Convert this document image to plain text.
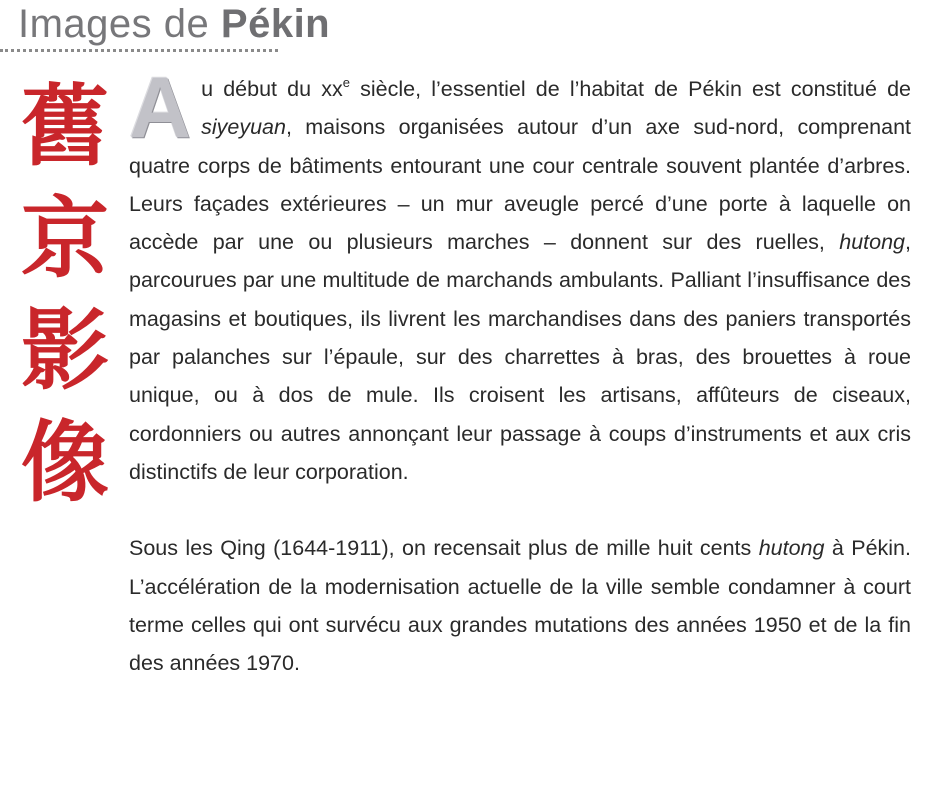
Images de Pékin
舊
京
影
像

Au début du $xx^e$ siècle, l’essentiel de l’habitat de Pékin est constitué de siyeyuan, maisons organisées autour d’un axe sud-nord, comprenant quatre corps de bâtiments entourant une cour centrale souvent plantée d’arbres. Leurs façades extérieures – un mur aveugle percé d’une porte à laquelle on accède par une ou plusieurs marches – donnent sur des ruelles, hutong, parcourues par une multitude de marchands ambulants. Palliant l’insuffisance des magasins et boutiques, ils livrent les marchandises dans des paniers transportés par palanches sur l’épaule, sur des charrettes à bras, des brouettes à roue unique, ou à dos de mule. Ils croisent les artisans, affûteurs de ciseaux, cordonniers ou autres annonçant leur passage à coups d’instruments et aux cris distinctifs de leur corporation.

Sous les Qing (1644-1911), on recensait plus de mille huit cents hutong à Pékin. L’accélération de la modernisation actuelle de la ville semble condamner à court terme celles qui ont survécu aux grandes mutations des années 1950 et de la fin des années 1970.
